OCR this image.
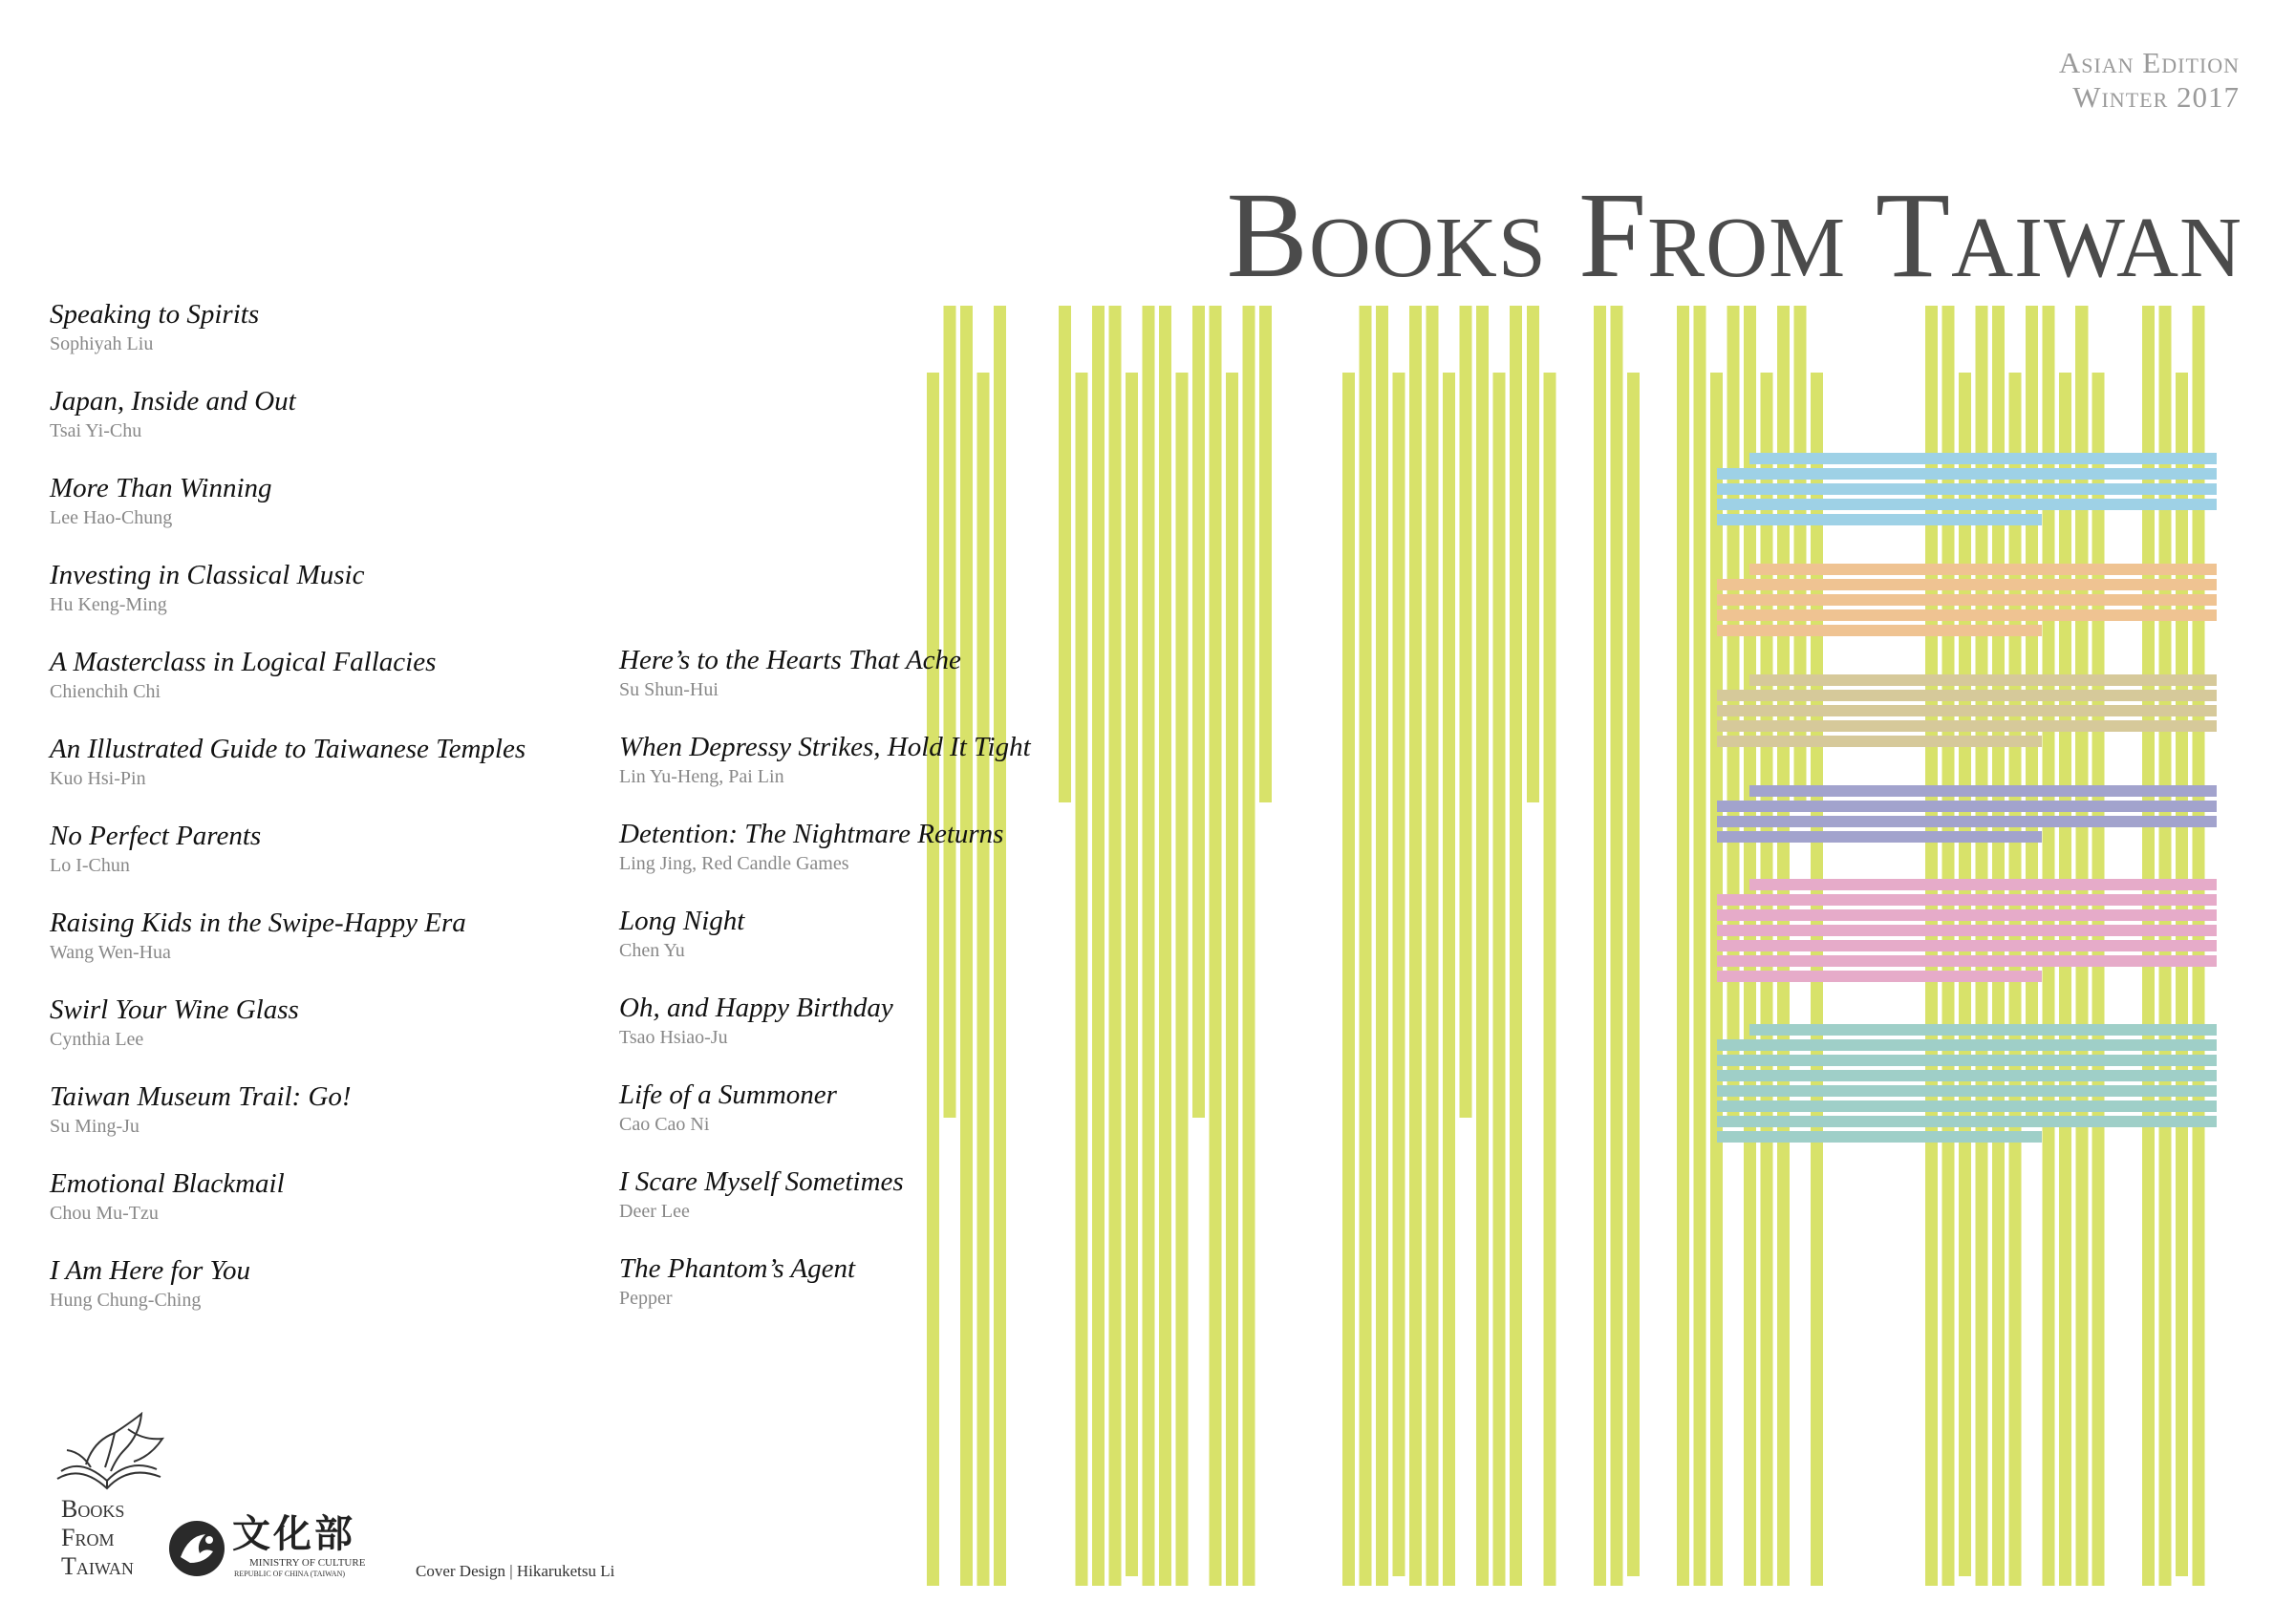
Asian Edition
Winter 2017
Books From Taiwan
Speaking to Spirits
Sophiyah Liu
Japan, Inside and Out
Tsai Yi-Chu
More Than Winning
Lee Hao-Chung
Investing in Classical Music
Hu Keng-Ming
A Masterclass in Logical Fallacies
Chienchih Chi
An Illustrated Guide to Taiwanese Temples
Kuo Hsi-Pin
No Perfect Parents
Lo I-Chun
Raising Kids in the Swipe-Happy Era
Wang Wen-Hua
Swirl Your Wine Glass
Cynthia Lee
Taiwan Museum Trail: Go!
Su Ming-Ju
Emotional Blackmail
Chou Mu-Tzu
I Am Here for You
Hung Chung-Ching
Here’s to the Hearts That Ache
Su Shun-Hui
When Depressy Strikes, Hold It Tight
Lin Yu-Heng, Pai Lin
Detention: The Nightmare Returns
Ling Jing, Red Candle Games
Long Night
Chen Yu
Oh, and Happy Birthday
Tsao Hsiao-Ju
Life of a Summoner
Cao Cao Ni
I Scare Myself Sometimes
Deer Lee
The Phantom’s Agent
Pepper
Books
From
Taiwan
文化部
MINISTRY OF CULTURE
REPUBLIC OF CHINA (TAIWAN)	Cover Design | Hikaruketsu Li
